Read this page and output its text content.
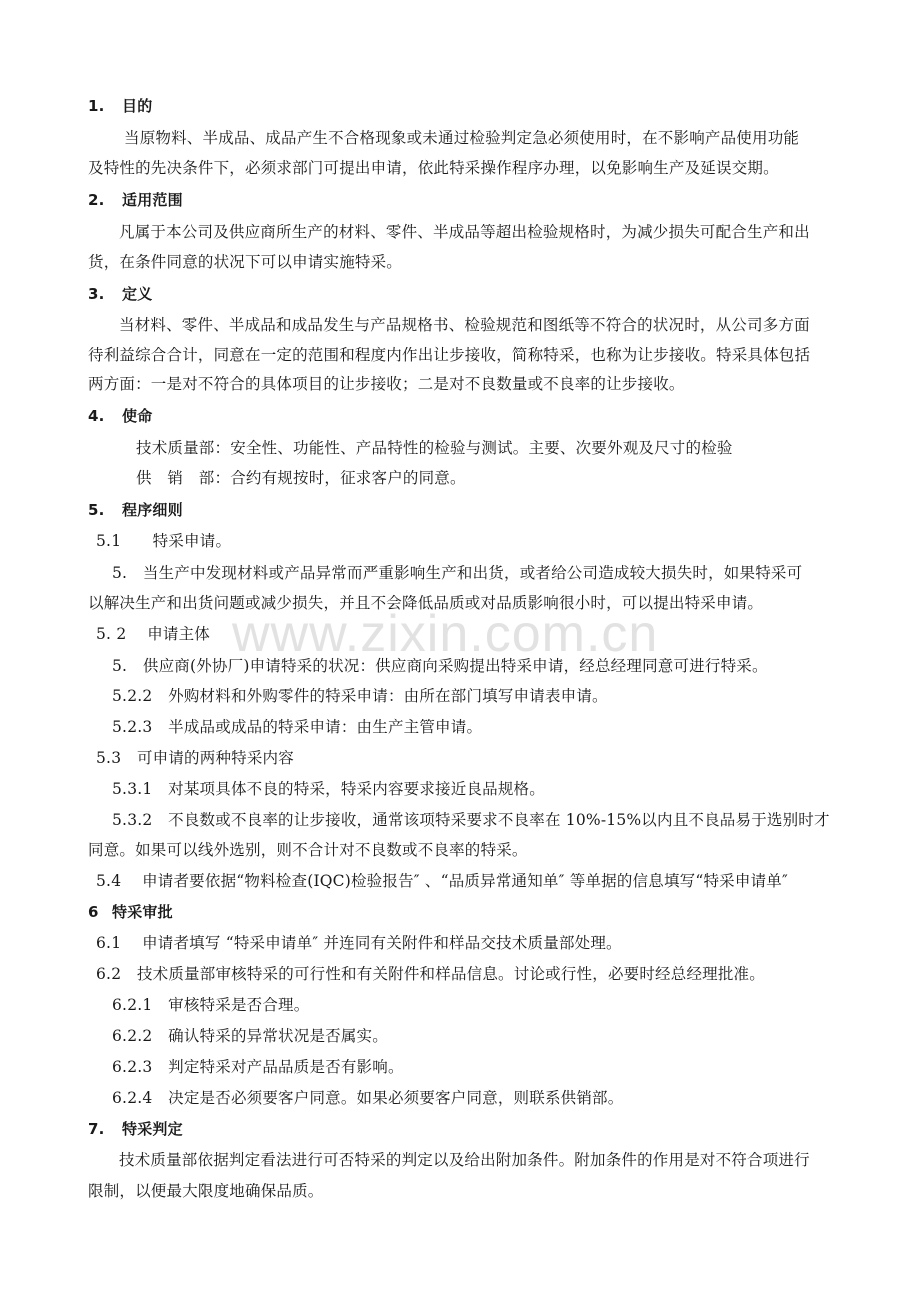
www.zixin.com.cn
1. 目的
当原物料、半成品、成品产生不合格现象或未通过检验判定急必须使用时，在不影响产品使用功能
及特性的先决条件下，必须求部门可提出申请，依此特采操作程序办理，以免影响生产及延误交期。
2. 适用范围
凡属于本公司及供应商所生产的材料、零件、半成品等超出检验规格时，为减少损失可配合生产和出
货，在条件同意的状况下可以申请实施特采。
3. 定义
当材料、零件、半成品和成品发生与产品规格书、检验规范和图纸等不符合的状况时，从公司多方面
待利益综合合计，同意在一定的范围和程度内作出让步接收，简称特采，也称为让步接收。特采具体包括
两方面：一是对不符合的具体项目的让步接收；二是对不良数量或不良率的让步接收。
4. 使命
技术质量部：安全性、功能性、产品特性的检验与测试。主要、次要外观及尺寸的检验
供　销　部：合约有规按时，征求客户的同意。
5. 程序细则
5.1　　特采申请。
5.　当生产中发现材料或产品异常而严重影响生产和出货，或者给公司造成较大损失时，如果特采可
以解决生产和出货问题或减少损失，并且不会降低品质或对品质影响很小时，可以提出特采申请。
5. 2　 申请主体
5.　供应商(外协厂)申请特采的状况：供应商向采购提出特采申请，经总经理同意可进行特采。
5.2.2　外购材料和外购零件的特采申请：由所在部门填写申请表申请。
5.2.3　半成品或成品的特采申请：由生产主管申请。
5.3　可申请的两种特采内容
5.3.1　对某项具体不良的特采，特采内容要求接近良品规格。
5.3.2　不良数或不良率的让步接收，通常该项特采要求不良率在 10%-15%以内且不良品易于选别时才
同意。如果可以线外选别，则不合计对不良数或不良率的特采。
5.4　 申请者要依据“物料检查(IQC)检验报告″ 、“品质异常通知单″ 等单据的信息填写“特采申请单″
6 特采审批
6.1　 申请者填写 “特采申请单″ 并连同有关附件和样品交技术质量部处理。
6.2　技术质量部审核特采的可行性和有关附件和样品信息。讨论或行性，必要时经总经理批准。
6.2.1　审核特采是否合理。
6.2.2　确认特采的异常状况是否属实。
6.2.3　判定特采对产品品质是否有影响。
6.2.4　决定是否必须要客户同意。如果必须要客户同意，则联系供销部。
7. 特采判定
技术质量部依据判定看法进行可否特采的判定以及给出附加条件。附加条件的作用是对不符合项进行
限制，以便最大限度地确保品质。
